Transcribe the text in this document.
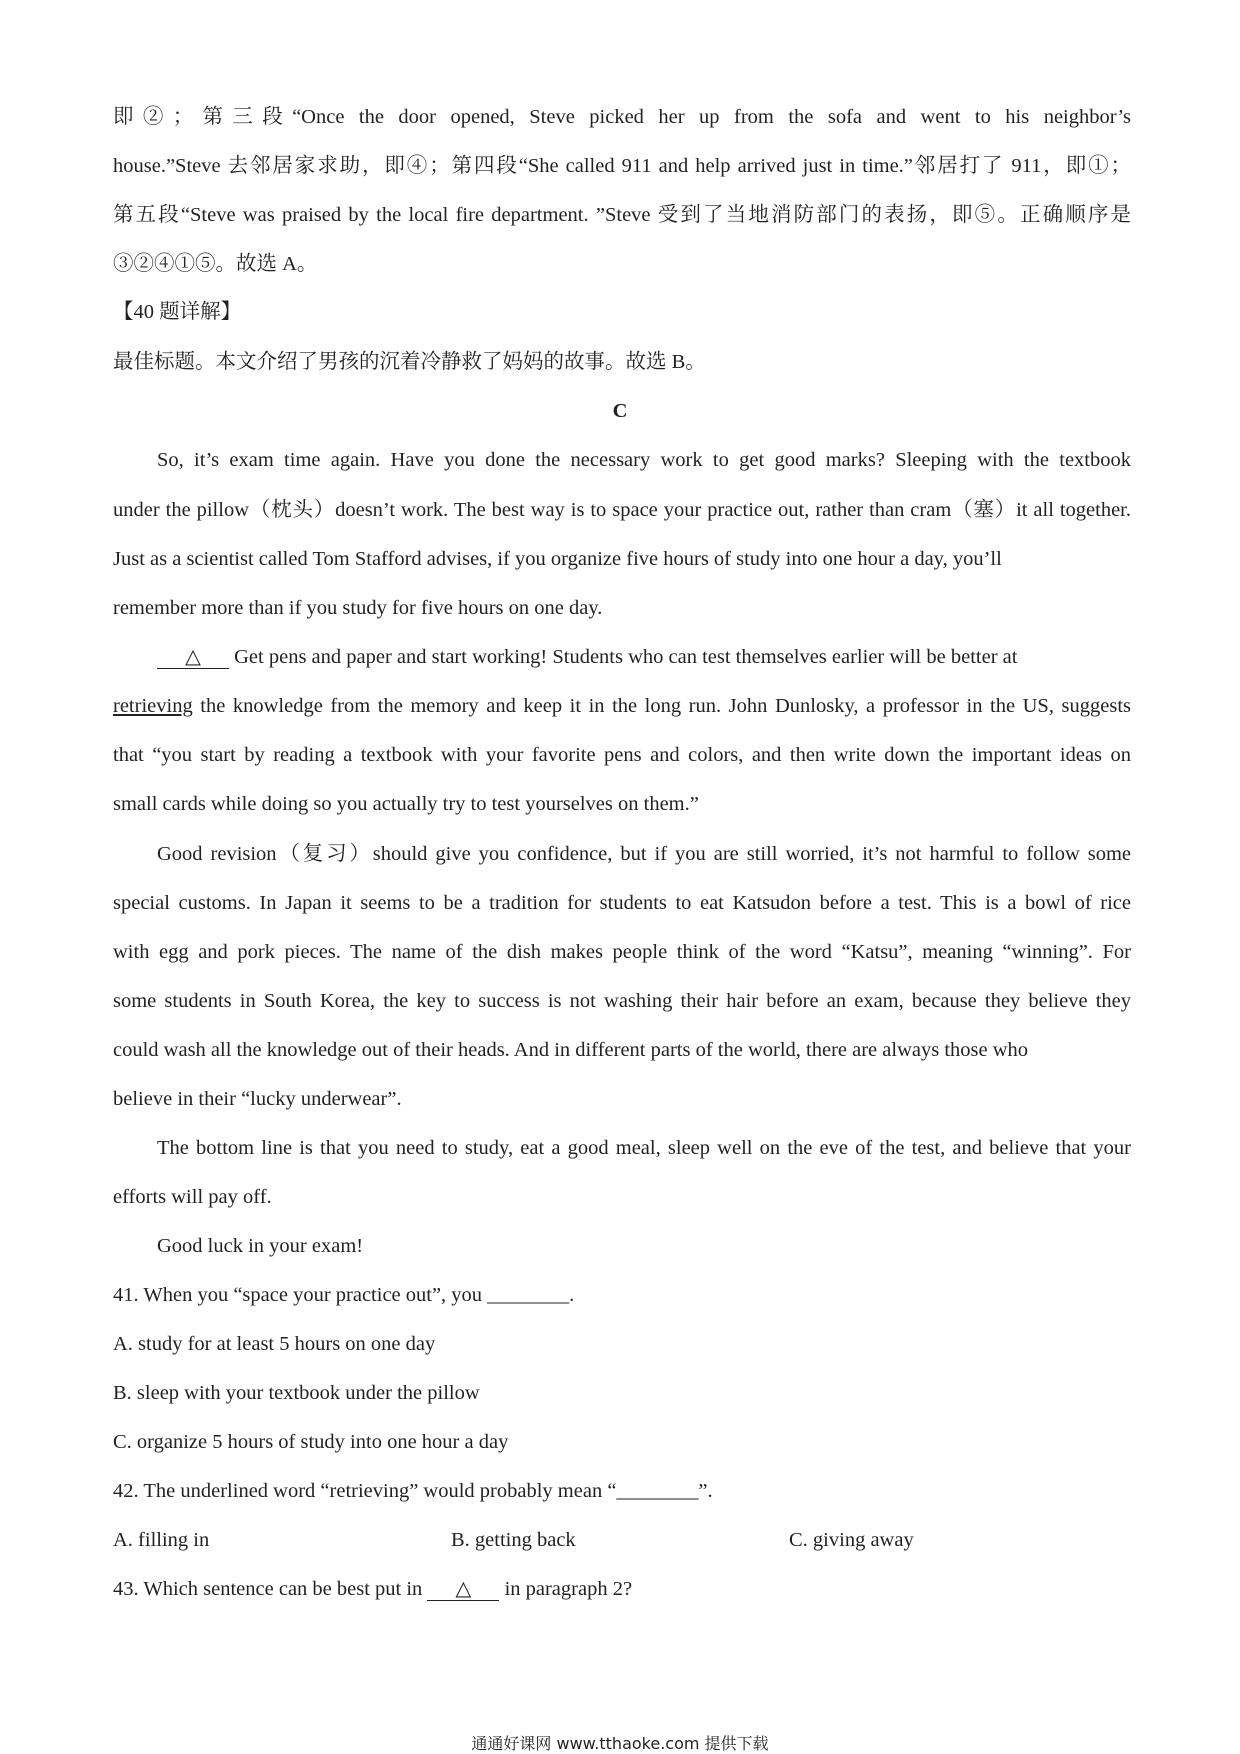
即②；第三段“Once the door opened, Steve picked her up from the sofa and went to his neighbor’s
house.”Steve 去邻居家求助，即④；第四段“She called 911 and help arrived just in time.”邻居打了 911，即①；
第五段“Steve was praised by the local fire department. ”Steve 受到了当地消防部门的表扬，即⑤。正确顺序是
③②④①⑤。故选 A。
【40 题详解】
最佳标题。本文介绍了男孩的沉着冷静救了妈妈的故事。故选 B。
C
So, it’s exam time again. Have you done the necessary work to get good marks? Sleeping with the textbook
under the pillow（枕头）doesn’t work. The best way is to space your practice out, rather than cram（塞）it all together.
Just as a scientist called Tom Stafford advises, if you organize five hours of study into one hour a day, you’ll
remember more than if you study for five hours on one day.
△ Get pens and paper and start working! Students who can test themselves earlier will be better at
retrieving the knowledge from the memory and keep it in the long run. John Dunlosky, a professor in the US, suggests
that “you start by reading a textbook with your favorite pens and colors, and then write down the important ideas on
small cards while doing so you actually try to test yourselves on them.”
Good revision（复习）should give you confidence, but if you are still worried, it’s not harmful to follow some
special customs. In Japan it seems to be a tradition for students to eat Katsudon before a test. This is a bowl of rice
with egg and pork pieces. The name of the dish makes people think of the word “Katsu”, meaning “winning”. For
some students in South Korea, the key to success is not washing their hair before an exam, because they believe they
could wash all the knowledge out of their heads. And in different parts of the world, there are always those who
believe in their “lucky underwear”.
The bottom line is that you need to study, eat a good meal, sleep well on the eve of the test, and believe that your
efforts will pay off.
Good luck in your exam!
41. When you “space your practice out”, you ________.
A. study for at least 5 hours on one day
B. sleep with your textbook under the pillow
C. organize 5 hours of study into one hour a day
42. The underlined word “retrieving” would probably mean “________”.
A. filling in	B. getting back	C. giving away
43. Which sentence can be best put in △ in paragraph 2?
通通好课网 www.tthaoke.com 提供下载
